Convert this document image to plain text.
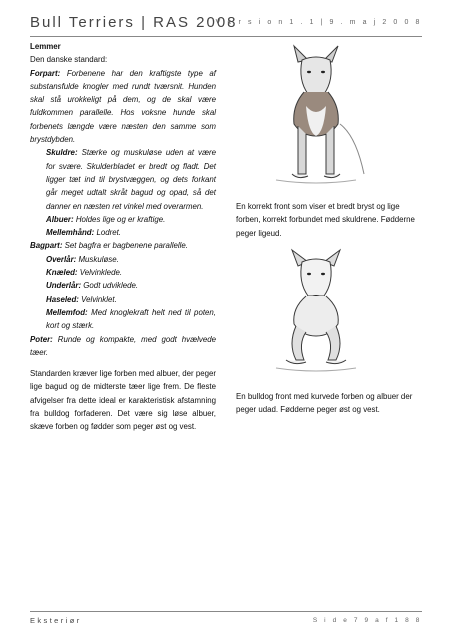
Bull Terriers | RAS 2008
V e r s i o n 1 . 1 | 9 . m a j 2 0 0 8

Lemmer

Den danske standard:

Forpart: Forbenene har den kraftigste type af substansfulde knogler med rundt tværsnit. Hunden skal stå urokkeligt på dem, og de skal være fuldkommen parallelle. Hos voksne hunde skal forbenets længde være næsten den samme som brystdybden.

Skuldre: Stærke og muskuløse uden at være for svære. Skulderbladet er bredt og fladt. Det ligger tæt ind til brystvæggen, og dets forkant går meget udtalt skråt bagud og opad, så det danner en næsten ret vinkel med overarmen.

Albuer: Holdes lige og er kraftige.

Mellemhånd: Lodret.

Bagpart: Set bagfra er bagbenene parallelle.

Overlår: Muskuløse.

Knæled: Velvinklede.

Underlår: Godt udviklede.

Haseled: Velvinklet.

Mellemfod: Med knoglekraft helt ned til poten, kort og stærk.

Poter: Runde og kompakte, med godt hvælvede tæer.

Standarden kræver lige forben med albuer, der peger lige bagud og de midterste tæer lige frem. De fleste afvigelser fra dette ideal er karakteristisk afstamning fra bulldog forfaderen. Det være sig løse albuer, skæve forben og fødder som peger øst og vest.

En korrekt front som viser et bredt bryst og lige forben, korrekt forbundet med skuldrene. Fødderne peger ligeud.

En bulldog front med kurvede forben og albuer der peger udad. Fødderne peger øst og vest.

Eksteriør	S i d e 7 9 a f 1 8 8
